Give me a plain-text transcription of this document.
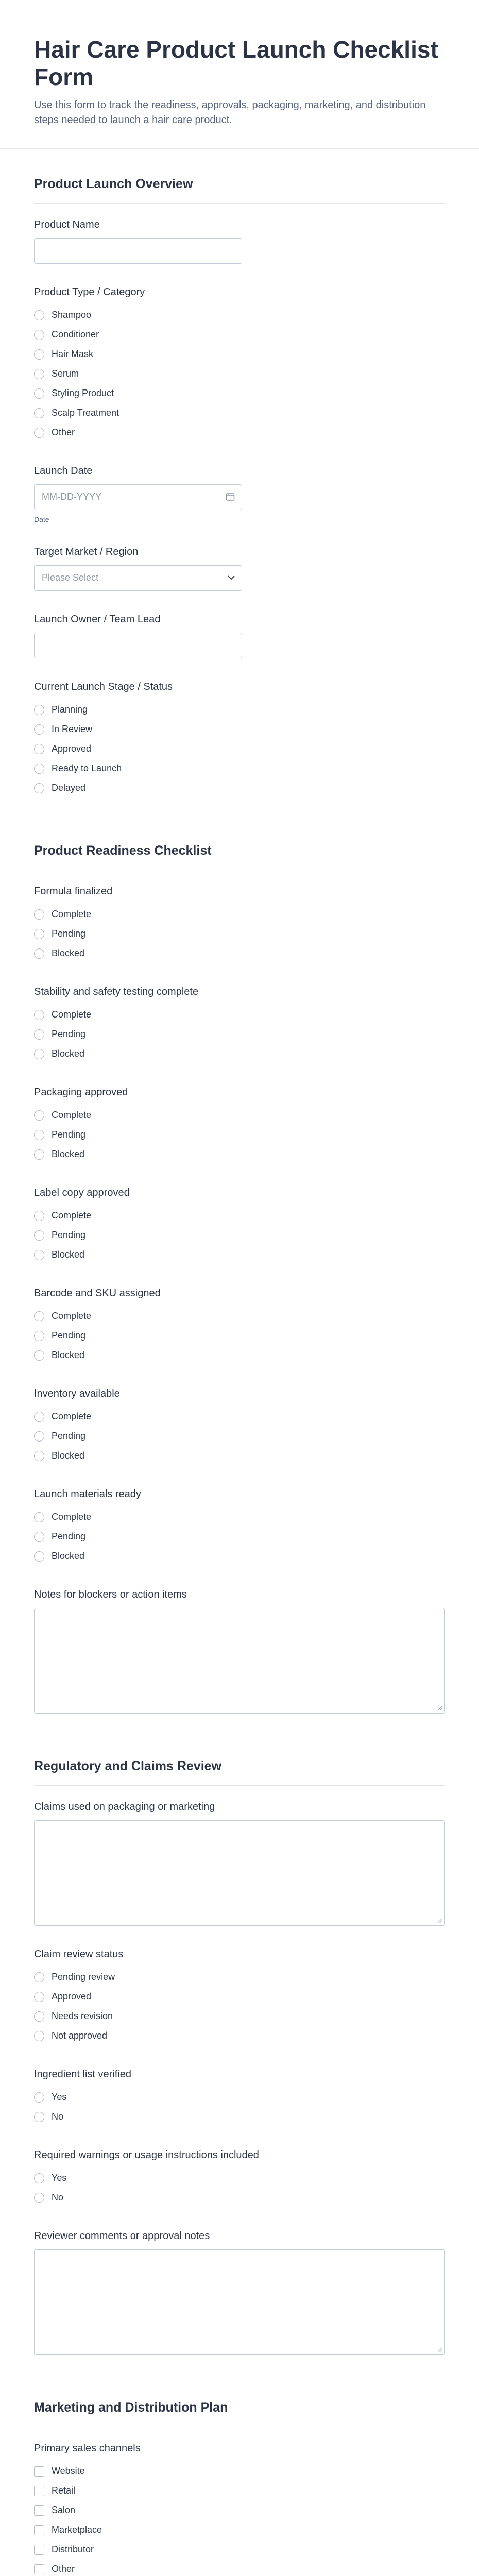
Hair Care Product Launch Checklist Form

Use this form to track the readiness, approvals, packaging, marketing, and distribution steps needed to launch a hair care product.

Product Launch Overview
Product Name
Product Type / Category
Shampoo
Conditioner
Hair Mask
Serum
Styling Product
Scalp Treatment
Other
Launch Date
MM-DD-YYYY
Date
Target Market / Region
Please Select
Launch Owner / Team Lead
Current Launch Stage / Status
Planning
In Review
Approved
Ready to Launch
Delayed
Product Readiness Checklist
Formula finalized
Complete
Pending
Blocked
Stability and safety testing complete
Complete
Pending
Blocked
Packaging approved
Complete
Pending
Blocked
Label copy approved
Complete
Pending
Blocked
Barcode and SKU assigned
Complete
Pending
Blocked
Inventory available
Complete
Pending
Blocked
Launch materials ready
Complete
Pending
Blocked
Notes for blockers or action items
Regulatory and Claims Review
Claims used on packaging or marketing
Claim review status
Pending review
Approved
Needs revision
Not approved
Ingredient list verified
Yes
No
Required warnings or usage instructions included
Yes
No
Reviewer comments or approval notes
Marketing and Distribution Plan
Primary sales channels
Website
Retail
Salon
Marketplace
Distributor
Other
